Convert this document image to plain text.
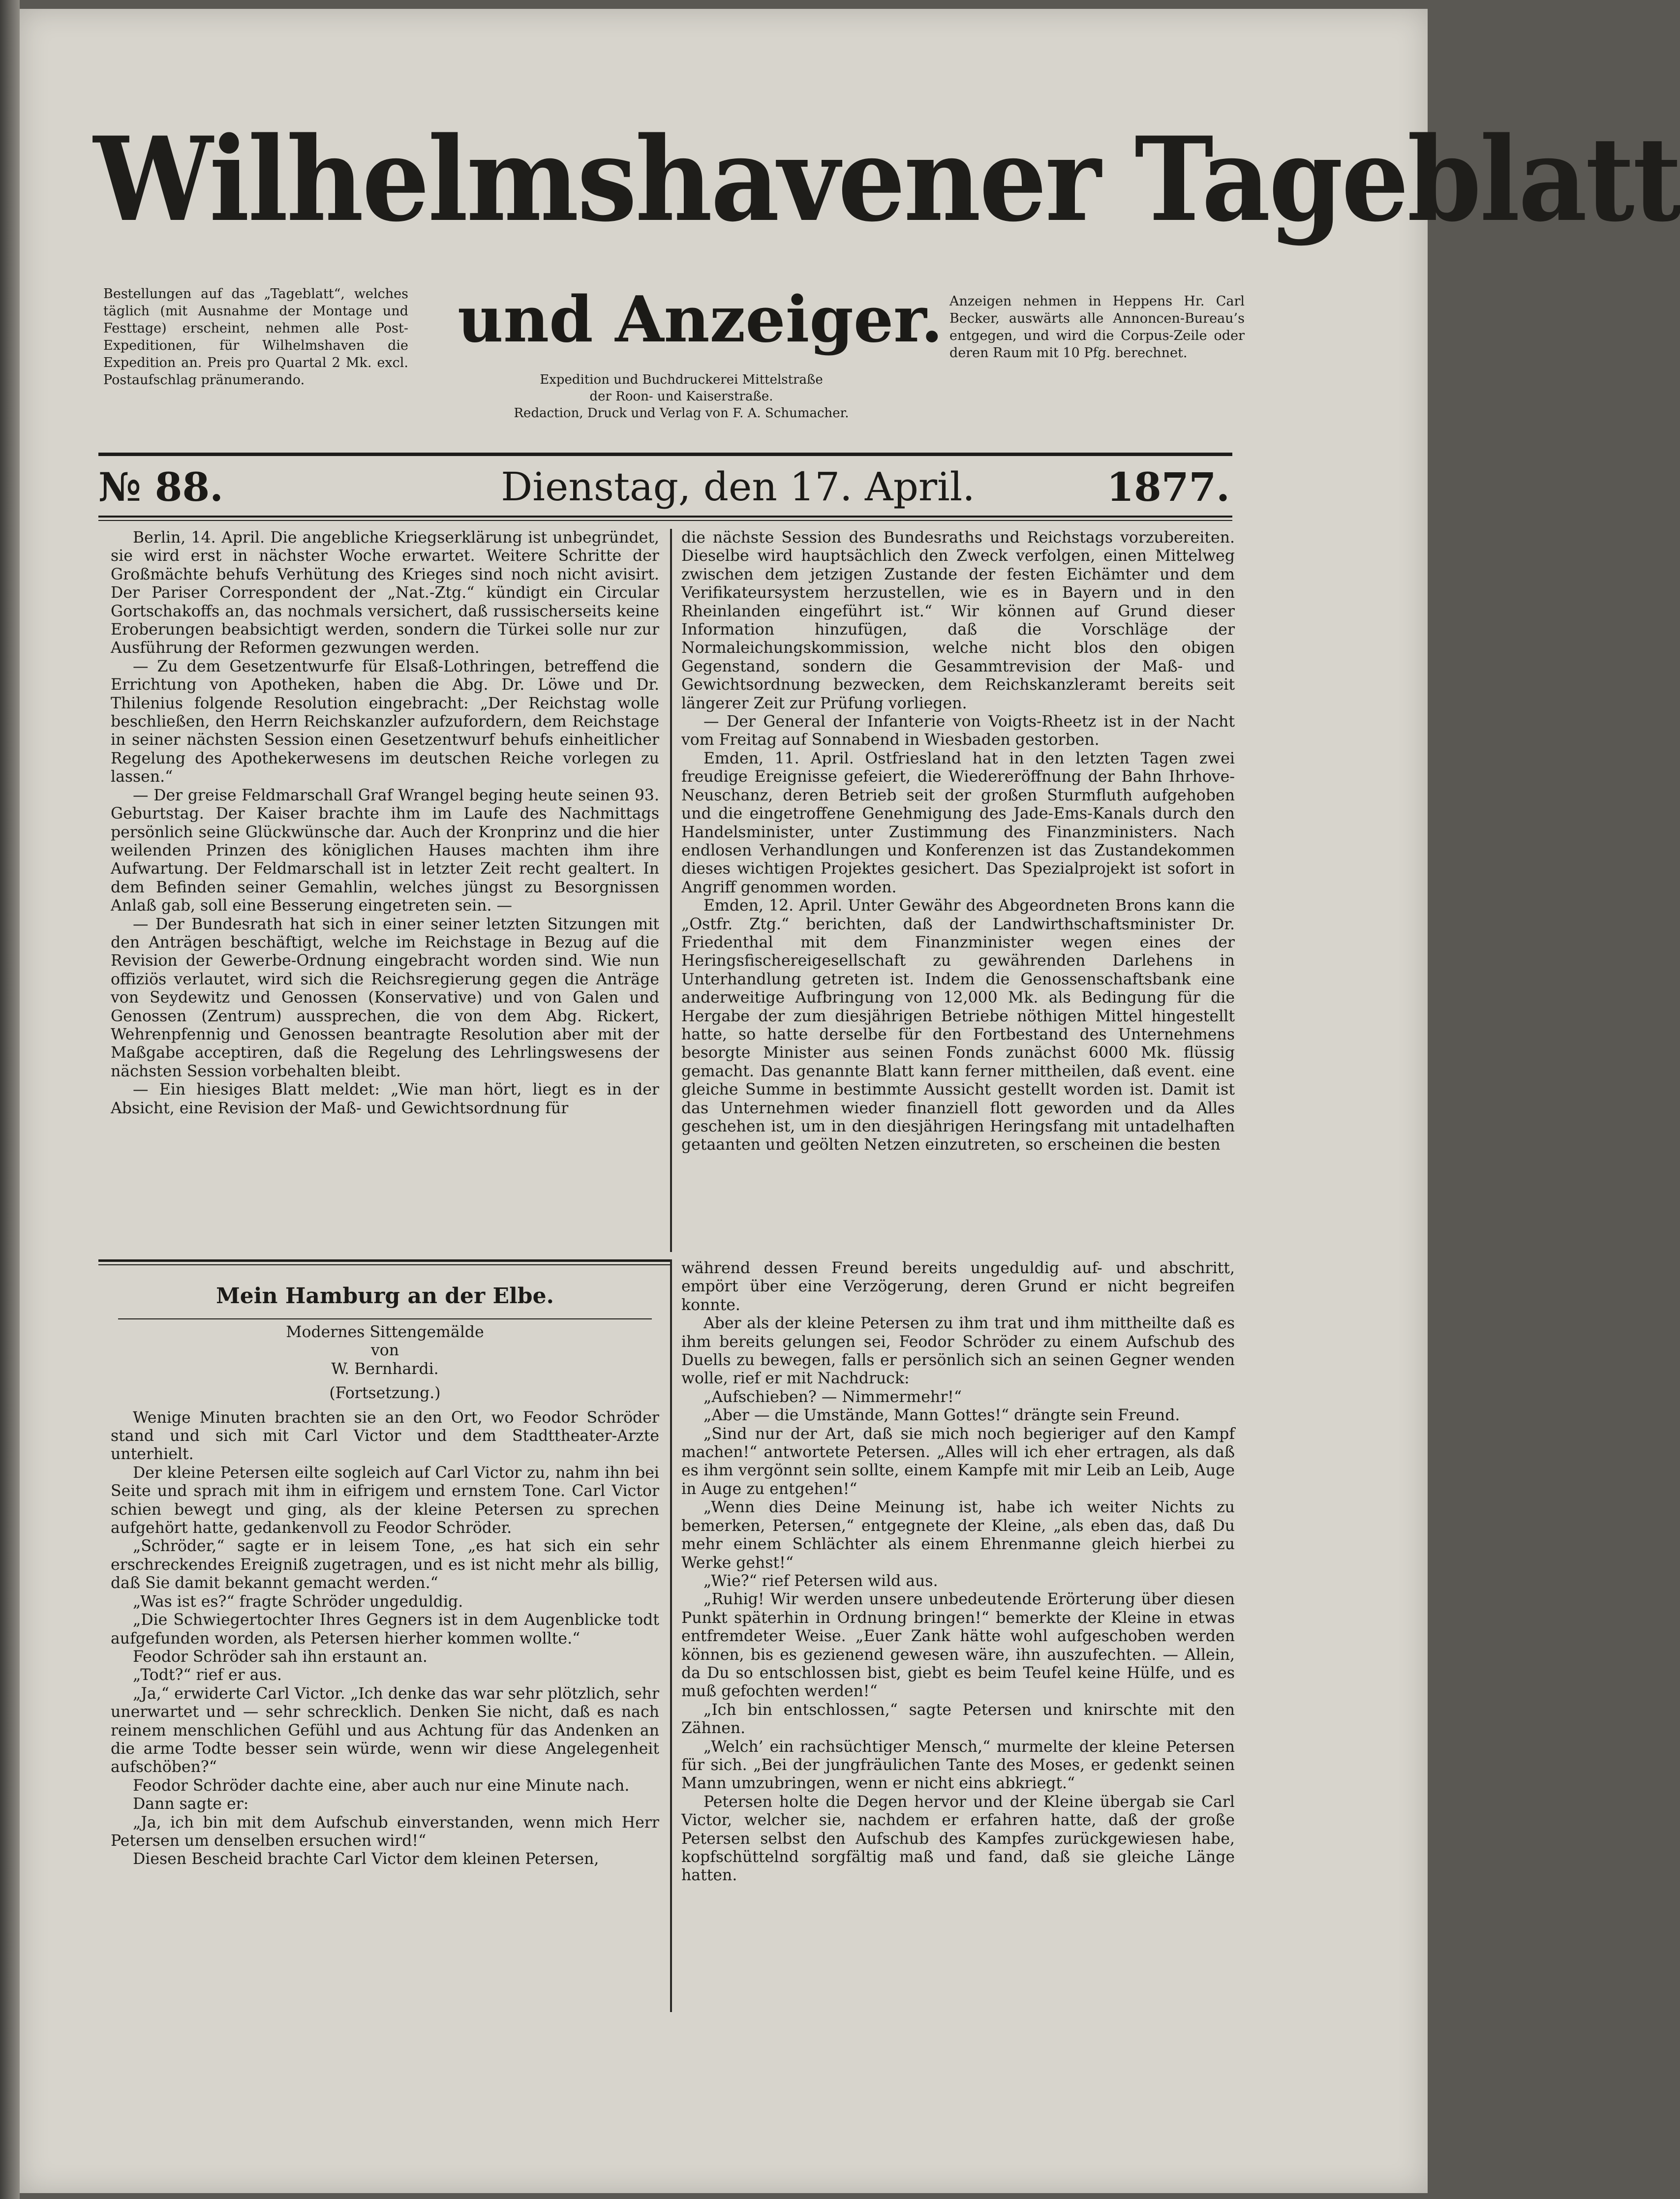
Wilhelmshavener Tageblatt
und Anzeiger.
Bestellungen auf das „Tageblatt“, welches täglich (mit Ausnahme der Montage und Festtage) erscheint, nehmen alle Post-Expeditionen, für Wilhelmshaven die Expedition an. Preis pro Quartal 2 Mk. excl. Postaufschlag pränumerando.
Anzeigen nehmen in Heppens Hr. Carl Becker, auswärts alle Annoncen-Bureau’s entgegen, und wird die Corpus-Zeile oder deren Raum mit 10 Pfg. berechnet.
Expedition und Buchdruckerei Mittelstraße
der Roon- und Kaiserstraße.
Redaction, Druck und Verlag von F. A. Schumacher.
№ 88.	Dienstag, den 17. April.	1877.

Berlin, 14. April. Die angebliche Kriegserklärung ist unbegründet, sie wird erst in nächster Woche erwartet. Weitere Schritte der Großmächte behufs Verhütung des Krieges sind noch nicht avisirt. Der Pariser Correspondent der „Nat.-Ztg.“ kündigt ein Circular Gortschakoffs an, das nochmals versichert, daß russischerseits keine Eroberungen beabsichtigt werden, sondern die Türkei solle nur zur Ausführung der Reformen gezwungen werden.

— Zu dem Gesetzentwurfe für Elsaß-Lothringen, betreffend die Errichtung von Apotheken, haben die Abg. Dr. Löwe und Dr. Thilenius folgende Resolution eingebracht: „Der Reichstag wolle beschließen, den Herrn Reichskanzler aufzufordern, dem Reichstage in seiner nächsten Session einen Gesetzentwurf behufs einheitlicher Regelung des Apothekerwesens im deutschen Reiche vorlegen zu lassen.“

— Der greise Feldmarschall Graf Wrangel beging heute seinen 93. Geburtstag. Der Kaiser brachte ihm im Laufe des Nachmittags persönlich seine Glückwünsche dar. Auch der Kronprinz und die hier weilenden Prinzen des königlichen Hauses machten ihm ihre Aufwartung. Der Feldmarschall ist in letzter Zeit recht gealtert. In dem Befinden seiner Gemahlin, welches jüngst zu Besorgnissen Anlaß gab, soll eine Besserung eingetreten sein. —

— Der Bundesrath hat sich in einer seiner letzten Sitzungen mit den Anträgen beschäftigt, welche im Reichstage in Bezug auf die Revision der Gewerbe-Ordnung eingebracht worden sind. Wie nun offiziös verlautet, wird sich die Reichsregierung gegen die Anträge von Seydewitz und Genossen (Konservative) und von Galen und Genossen (Zentrum) aussprechen, die von dem Abg. Rickert, Wehrenpfennig und Genossen beantragte Resolution aber mit der Maßgabe acceptiren, daß die Regelung des Lehrlingswesens der nächsten Session vorbehalten bleibt.

— Ein hiesiges Blatt meldet: „Wie man hört, liegt es in der Absicht, eine Revision der Maß- und Gewichtsordnung für

die nächste Session des Bundesraths und Reichstags vorzubereiten. Dieselbe wird hauptsächlich den Zweck verfolgen, einen Mittelweg zwischen dem jetzigen Zustande der festen Eichämter und dem Verifikateursystem herzustellen, wie es in Bayern und in den Rheinlanden eingeführt ist.“ Wir können auf Grund dieser Information hinzufügen, daß die Vorschläge der Normaleichungskommission, welche nicht blos den obigen Gegenstand, sondern die Gesammtrevision der Maß- und Gewichtsordnung bezwecken, dem Reichskanzleramt bereits seit längerer Zeit zur Prüfung vorliegen.

— Der General der Infanterie von Voigts-Rheetz ist in der Nacht vom Freitag auf Sonnabend in Wiesbaden gestorben.

Emden, 11. April. Ostfriesland hat in den letzten Tagen zwei freudige Ereignisse gefeiert, die Wiedereröffnung der Bahn Ihrhove-Neuschanz, deren Betrieb seit der großen Sturmfluth aufgehoben und die eingetroffene Genehmigung des Jade-Ems-Kanals durch den Handelsminister, unter Zustimmung des Finanzministers. Nach endlosen Verhandlungen und Konferenzen ist das Zustandekommen dieses wichtigen Projektes gesichert. Das Spezialprojekt ist sofort in Angriff genommen worden.

Emden, 12. April. Unter Gewähr des Abgeordneten Brons kann die „Ostfr. Ztg.“ berichten, daß der Landwirthschaftsminister Dr. Friedenthal mit dem Finanzminister wegen eines der Heringsfischereigesellschaft zu gewährenden Darlehens in Unterhandlung getreten ist. Indem die Genossenschaftsbank eine anderweitige Aufbringung von 12,000 Mk. als Bedingung für die Hergabe der zum diesjährigen Betriebe nöthigen Mittel hingestellt hatte, so hatte derselbe für den Fortbestand des Unternehmens besorgte Minister aus seinen Fonds zunächst 6000 Mk. flüssig gemacht. Das genannte Blatt kann ferner mittheilen, daß event. eine gleiche Summe in bestimmte Aussicht gestellt worden ist. Damit ist das Unternehmen wieder finanziell flott geworden und da Alles geschehen ist, um in den diesjährigen Heringsfang mit untadelhaften getaanten und geölten Netzen einzutreten, so erscheinen die besten

Mein Hamburg an der Elbe.

Modernes Sittengemälde

von

W. Bernhardi.

(Fortsetzung.)

Wenige Minuten brachten sie an den Ort, wo Feodor Schröder stand und sich mit Carl Victor und dem Stadttheater-Arzte unterhielt.

Der kleine Petersen eilte sogleich auf Carl Victor zu, nahm ihn bei Seite und sprach mit ihm in eifrigem und ernstem Tone. Carl Victor schien bewegt und ging, als der kleine Petersen zu sprechen aufgehört hatte, gedankenvoll zu Feodor Schröder.

„Schröder,“ sagte er in leisem Tone, „es hat sich ein sehr erschreckendes Ereigniß zugetragen, und es ist nicht mehr als billig, daß Sie damit bekannt gemacht werden.“

„Was ist es?“ fragte Schröder ungeduldig.

„Die Schwiegertochter Ihres Gegners ist in dem Augenblicke todt aufgefunden worden, als Petersen hierher kommen wollte.“

Feodor Schröder sah ihn erstaunt an.

„Todt?“ rief er aus.

„Ja,“ erwiderte Carl Victor. „Ich denke das war sehr plötzlich, sehr unerwartet und — sehr schrecklich. Denken Sie nicht, daß es nach reinem menschlichen Gefühl und aus Achtung für das Andenken an die arme Todte besser sein würde, wenn wir diese Angelegenheit aufschöben?“

Feodor Schröder dachte eine, aber auch nur eine Minute nach.

Dann sagte er:

„Ja, ich bin mit dem Aufschub einverstanden, wenn mich Herr Petersen um denselben ersuchen wird!“

Diesen Bescheid brachte Carl Victor dem kleinen Petersen,

während dessen Freund bereits ungeduldig auf- und abschritt, empört über eine Verzögerung, deren Grund er nicht begreifen konnte.

Aber als der kleine Petersen zu ihm trat und ihm mittheilte daß es ihm bereits gelungen sei, Feodor Schröder zu einem Aufschub des Duells zu bewegen, falls er persönlich sich an seinen Gegner wenden wolle, rief er mit Nachdruck:

„Aufschieben? — Nimmermehr!“

„Aber — die Umstände, Mann Gottes!“ drängte sein Freund.

„Sind nur der Art, daß sie mich noch begieriger auf den Kampf machen!“ antwortete Petersen. „Alles will ich eher ertragen, als daß es ihm vergönnt sein sollte, einem Kampfe mit mir Leib an Leib, Auge in Auge zu entgehen!“

„Wenn dies Deine Meinung ist, habe ich weiter Nichts zu bemerken, Petersen,“ entgegnete der Kleine, „als eben das, daß Du mehr einem Schlächter als einem Ehrenmanne gleich hierbei zu Werke gehst!“

„Wie?“ rief Petersen wild aus.

„Ruhig! Wir werden unsere unbedeutende Erörterung über diesen Punkt späterhin in Ordnung bringen!“ bemerkte der Kleine in etwas entfremdeter Weise. „Euer Zank hätte wohl aufgeschoben werden können, bis es gezienend gewesen wäre, ihn auszufechten. — Allein, da Du so entschlossen bist, giebt es beim Teufel keine Hülfe, und es muß gefochten werden!“

„Ich bin entschlossen,“ sagte Petersen und knirschte mit den Zähnen.

„Welch’ ein rachsüchtiger Mensch,“ murmelte der kleine Petersen für sich. „Bei der jungfräulichen Tante des Moses, er gedenkt seinen Mann umzubringen, wenn er nicht eins abkriegt.“

Petersen holte die Degen hervor und der Kleine übergab sie Carl Victor, welcher sie, nachdem er erfahren hatte, daß der große Petersen selbst den Aufschub des Kampfes zurückgewiesen habe, kopfschüttelnd sorgfältig maß und fand, daß sie gleiche Länge hatten.
